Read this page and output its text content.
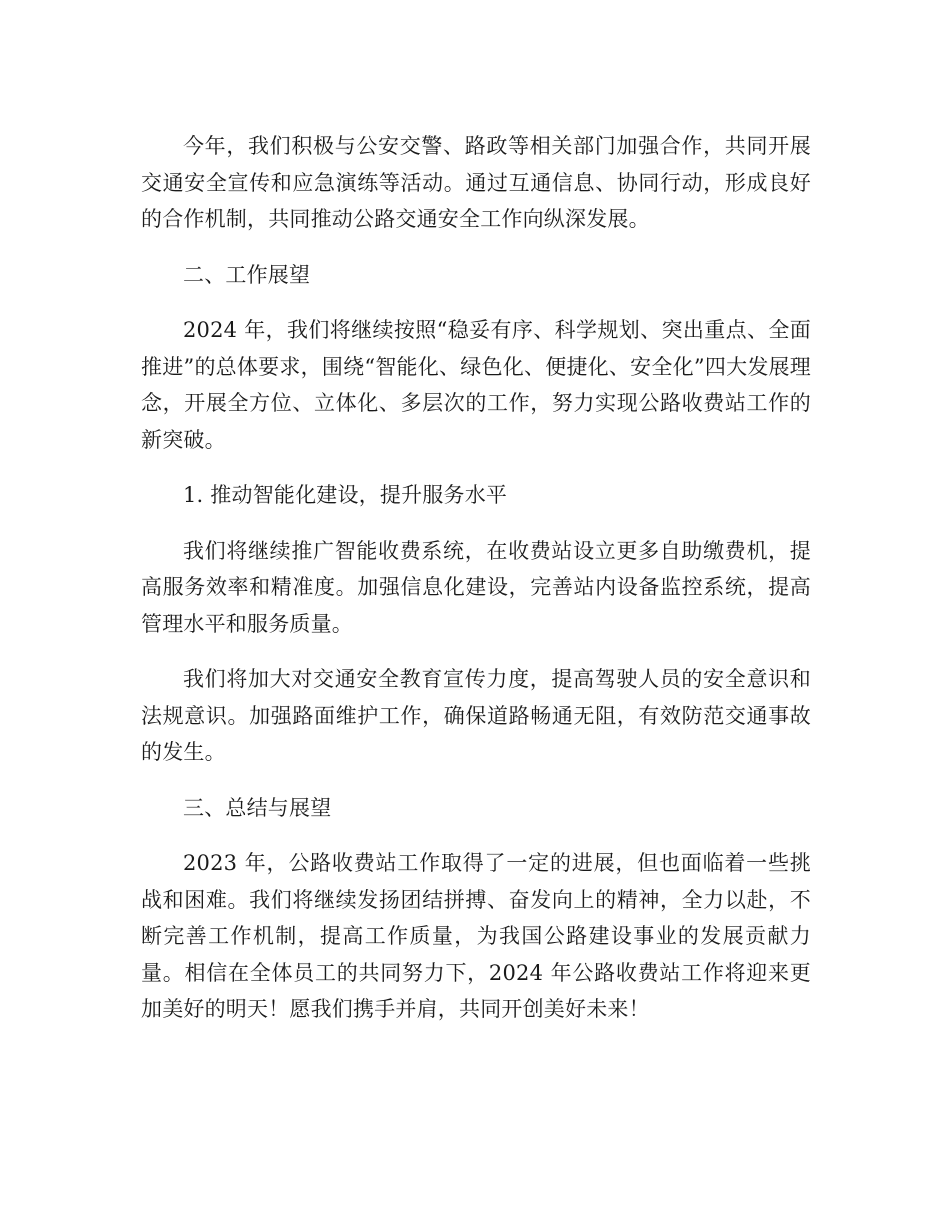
今年，我们积极与公安交警、路政等相关部门加强合作，共同开展交通安全宣传和应急演练等活动。通过互通信息、协同行动，形成良好的合作机制，共同推动公路交通安全工作向纵深发展。

二、工作展望

2024 年，我们将继续按照“稳妥有序、科学规划、突出重点、全面推进”的总体要求，围绕“智能化、绿色化、便捷化、安全化”四大发展理念，开展全方位、立体化、多层次的工作，努力实现公路收费站工作的新突破。

1. 推动智能化建设，提升服务水平

我们将继续推广智能收费系统，在收费站设立更多自助缴费机，提高服务效率和精准度。加强信息化建设，完善站内设备监控系统，提高管理水平和服务质量。

我们将加大对交通安全教育宣传力度，提高驾驶人员的安全意识和法规意识。加强路面维护工作，确保道路畅通无阻，有效防范交通事故的发生。

三、总结与展望

2023 年，公路收费站工作取得了一定的进展，但也面临着一些挑战和困难。我们将继续发扬团结拼搏、奋发向上的精神，全力以赴，不断完善工作机制，提高工作质量，为我国公路建设事业的发展贡献力量。相信在全体员工的共同努力下，2024 年公路收费站工作将迎来更加美好的明天！愿我们携手并肩，共同开创美好未来！
